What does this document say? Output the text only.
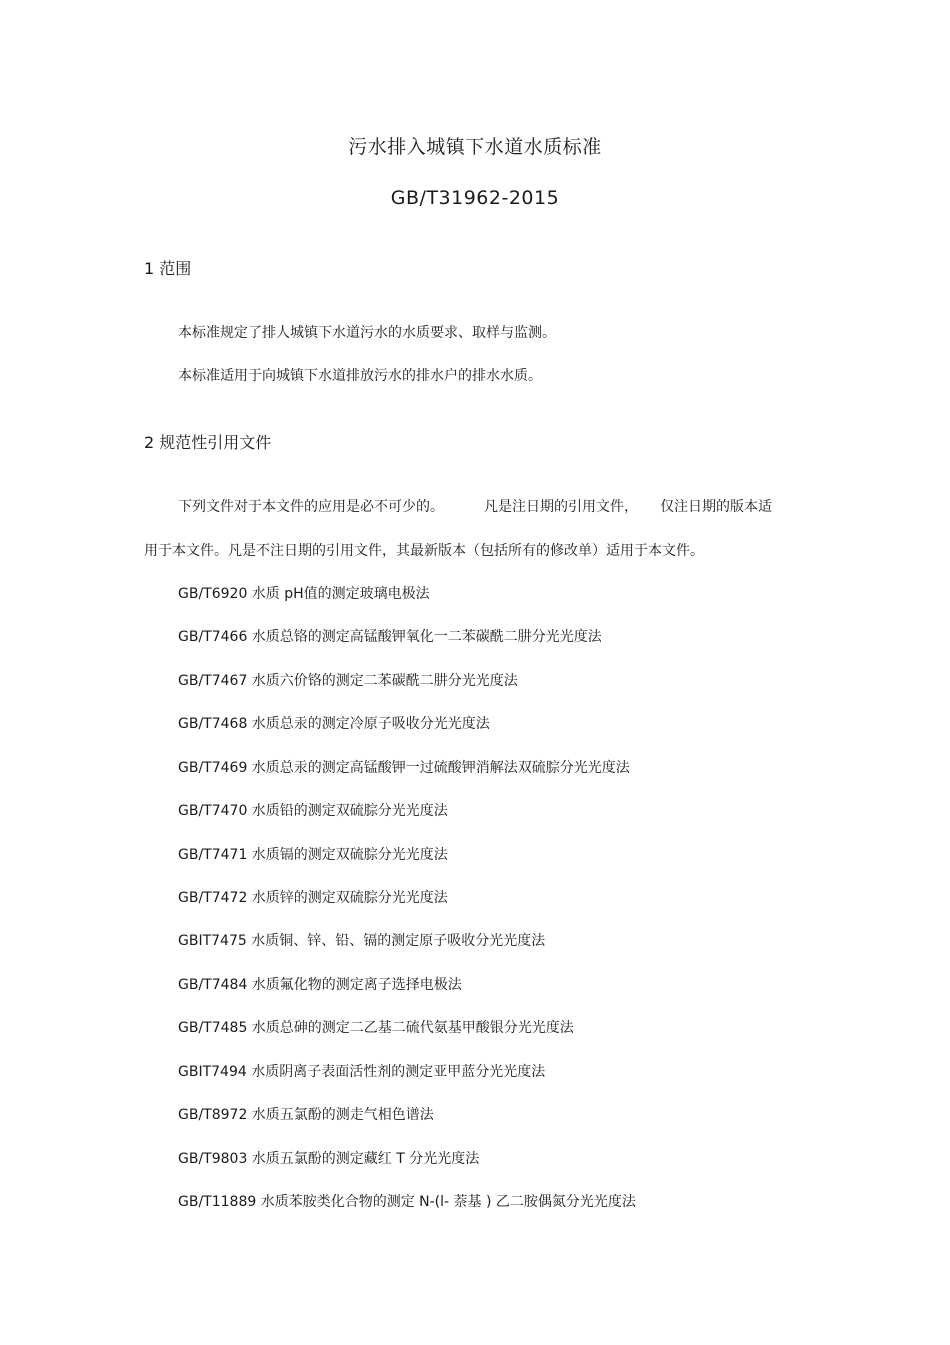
污水排入城镇下水道水质标准
GB/T31962-2015
1 范围
本标准规定了排人城镇下水道污水的水质要求、取样与监测。
本标准适用于向城镇下水道排放污水的排水户的排水水质。
2 规范性引用文件
下列文件对于本文件的应用是必不可少的。	凡是注日期的引用文件， 仅注日期的版本适
用于本文件。凡是不注日期的引用文件，其最新版本（包括所有的修改单）适用于本文件。
GB/T6920 水质 pH值的测定玻璃电极法
GB/T7466 水质总铬的测定高锰酸钾氧化一二苯碳酰二肼分光光度法
GB/T7467 水质六价铬的测定二苯碳酰二肼分光光度法
GB/T7468 水质总汞的测定冷原子吸收分光光度法
GB/T7469 水质总汞的测定高锰酸钾一过硫酸钾消解法双硫腙分光光度法
GB/T7470 水质铅的测定双硫腙分光光度法
GB/T7471 水质镉的测定双硫腙分光光度法
GB/T7472 水质锌的测定双硫腙分光光度法
GBIT7475 水质铜、锌、铅、镉的测定原子吸收分光光度法
GB/T7484 水质氟化物的测定离子选择电极法
GB/T7485 水质总砷的测定二乙基二硫代氨基甲酸银分光光度法
GBIT7494 水质阴离子表面活性剂的测定亚甲蓝分光光度法
GB/T8972 水质五氯酚的测走气相色谱法
GB/T9803 水质五氯酚的测定藏红 T 分光光度法
GB/T11889 水质苯胺类化合物的测定 N-(l- 萘基 ) 乙二胺偶氮分光光度法
